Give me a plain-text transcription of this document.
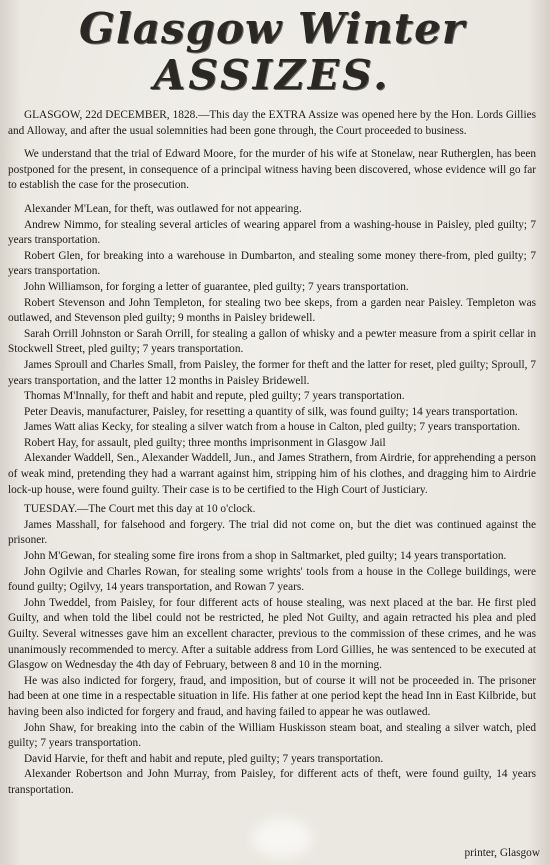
Glasgow Winter
ASSIZES.

GLASGOW, 22d DECEMBER, 1828.—This day the EXTRA Assize was opened here by the Hon. Lords Gillies and Alloway, and after the usual solemnities had been gone through, the Court proceeded to business.

We understand that the trial of Edward Moore, for the murder of his wife at Stonelaw, near Rutherglen, has been postponed for the present, in consequence of a principal witness having been discovered, whose evidence will go far to establish the case for the prosecution.

Alexander M'Lean, for theft, was outlawed for not appearing.

Andrew Nimmo, for stealing several articles of wearing apparel from a washing-house in Paisley, pled guilty; 7 years transportation.

Robert Glen, for breaking into a warehouse in Dumbarton, and stealing some money there-from, pled guilty; 7 years transportation.

John Williamson, for forging a letter of guarantee, pled guilty; 7 years transportation.

Robert Stevenson and John Templeton, for stealing two bee skeps, from a garden near Paisley. Templeton was outlawed, and Stevenson pled guilty; 9 months in Paisley bridewell.

Sarah Orrill Johnston or Sarah Orrill, for stealing a gallon of whisky and a pewter measure from a spirit cellar in Stockwell Street, pled guilty; 7 years transportation.

James Sproull and Charles Small, from Paisley, the former for theft and the latter for reset, pled guilty; Sproull, 7 years transportation, and the latter 12 months in Paisley Bridewell.

Thomas M'Innally, for theft and habit and repute, pled guilty; 7 years transportation.

Peter Deavis, manufacturer, Paisley, for resetting a quantity of silk, was found guilty; 14 years transportation.

James Watt alias Kecky, for stealing a silver watch from a house in Calton, pled guilty; 7 years transportation.

Robert Hay, for assault, pled guilty; three months imprisonment in Glasgow Jail

Alexander Waddell, Sen., Alexander Waddell, Jun., and James Strathern, from Airdrie, for apprehending a person of weak mind, pretending they had a warrant against him, stripping him of his clothes, and dragging him to Airdrie lock-up house, were found guilty. Their case is to be certified to the High Court of Justiciary.

TUESDAY.—The Court met this day at 10 o'clock.

James Masshall, for falsehood and forgery. The trial did not come on, but the diet was continued against the prisoner.

John M'Gewan, for stealing some fire irons from a shop in Saltmarket, pled guilty; 14 years transportation.

John Ogilvie and Charles Rowan, for stealing some wrights' tools from a house in the College buildings, were found guilty; Ogilvy, 14 years transportation, and Rowan 7 years.

John Tweddel, from Paisley, for four different acts of house stealing, was next placed at the bar. He first pled Guilty, and when told the libel could not be restricted, he pled Not Guilty, and again retracted his plea and pled Guilty. Several witnesses gave him an excellent character, previous to the commission of these crimes, and he was unanimously recommended to mercy. After a suitable address from Lord Gillies, he was sentenced to be executed at Glasgow on Wednesday the 4th day of February, between 8 and 10 in the morning.

He was also indicted for forgery, fraud, and imposition, but of course it will not be proceeded in. The prisoner had been at one time in a respectable situation in life. His father at one period kept the head Inn in East Kilbride, but having been also indicted for forgery and fraud, and having failed to appear he was outlawed.

John Shaw, for breaking into the cabin of the William Huskisson steam boat, and stealing a silver watch, pled guilty; 7 years transportation.

David Harvie, for theft and habit and repute, pled guilty; 7 years transportation.

Alexander Robertson and John Murray, from Paisley, for different acts of theft, were found guilty, 14 years transportation.

printer, Glasgow
